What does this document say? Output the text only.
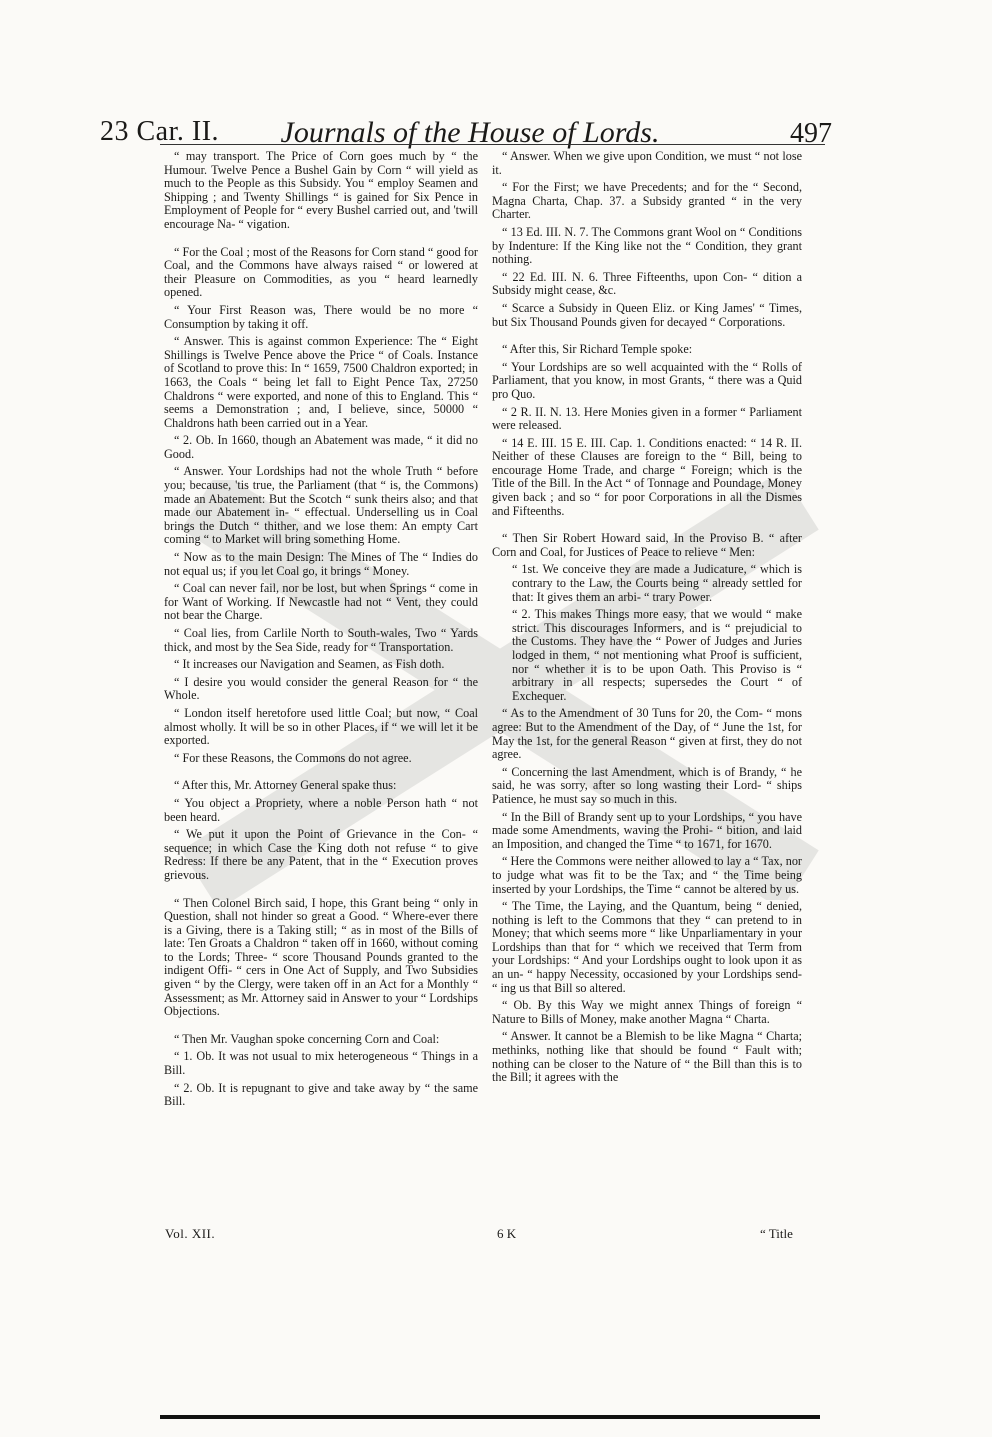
23 Car. II.	Journals of the House of Lords.	497

“ may transport. The Price of Corn goes much by “ the Humour. Twelve Pence a Bushel Gain by Corn “ will yield as much to the People as this Subsidy. You “ employ Seamen and Shipping ; and Twenty Shillings “ is gained for Six Pence in Employment of People for “ every Bushel carried out, and 'twill encourage Na- “ vigation.

“ For the Coal ; most of the Reasons for Corn stand “ good for Coal, and the Commons have always raised “ or lowered at their Pleasure on Commodities, as you “ heard learnedly opened.

“ Your First Reason was, There would be no more “ Consumption by taking it off.

“ Answer. This is against common Experience: The “ Eight Shillings is Twelve Pence above the Price “ of Coals. Instance of Scotland to prove this: In “ 1659, 7500 Chaldron exported; in 1663, the Coals “ being let fall to Eight Pence Tax, 27250 Chaldrons “ were exported, and none of this to England. This “ seems a Demonstration ; and, I believe, since, 50000 “ Chaldrons hath been carried out in a Year.

“ 2. Ob. In 1660, though an Abatement was made, “ it did no Good.

“ Answer. Your Lordships had not the whole Truth “ before you; because, 'tis true, the Parliament (that “ is, the Commons) made an Abatement: But the Scotch “ sunk theirs also; and that made our Abatement in- “ effectual. Underselling us in Coal brings the Dutch “ thither, and we lose them: An empty Cart coming “ to Market will bring something Home.

“ Now as to the main Design: The Mines of The “ Indies do not equal us; if you let Coal go, it brings “ Money.

“ Coal can never fail, nor be lost, but when Springs “ come in for Want of Working. If Newcastle had not “ Vent, they could not bear the Charge.

“ Coal lies, from Carlile North to South-wales, Two “ Yards thick, and most by the Sea Side, ready for “ Transportation.

“ It increases our Navigation and Seamen, as Fish doth.

“ I desire you would consider the general Reason for “ the Whole.

“ London itself heretofore used little Coal; but now, “ Coal almost wholly. It will be so in other Places, if “ we will let it be exported.

“ For these Reasons, the Commons do not agree.

“ After this, Mr. Attorney General spake thus:

“ You object a Propriety, where a noble Person hath “ not been heard.

“ We put it upon the Point of Grievance in the Con- “ sequence; in which Case the King doth not refuse “ to give Redress: If there be any Patent, that in the “ Execution proves grievous.

“ Then Colonel Birch said, I hope, this Grant being “ only in Question, shall not hinder so great a Good. “ Where-ever there is a Giving, there is a Taking still; “ as in most of the Bills of late: Ten Groats a Chaldron “ taken off in 1660, without coming to the Lords; Three- “ score Thousand Pounds granted to the indigent Offi- “ cers in One Act of Supply, and Two Subsidies given “ by the Clergy, were taken off in an Act for a Monthly “ Assessment; as Mr. Attorney said in Answer to your “ Lordships Objections.

“ Then Mr. Vaughan spoke concerning Corn and Coal:

“ 1. Ob. It was not usual to mix heterogeneous “ Things in a Bill.

“ 2. Ob. It is repugnant to give and take away by “ the same Bill.

“ Answer. When we give upon Condition, we must “ not lose it.

“ For the First; we have Precedents; and for the “ Second, Magna Charta, Chap. 37. a Subsidy granted “ in the very Charter.

“ 13 Ed. III. N. 7. The Commons grant Wool on “ Conditions by Indenture: If the King like not the “ Condition, they grant nothing.

“ 22 Ed. III. N. 6. Three Fifteenths, upon Con- “ dition a Subsidy might cease, &c.

“ Scarce a Subsidy in Queen Eliz. or King James' “ Times, but Six Thousand Pounds given for decayed “ Corporations.

“ After this, Sir Richard Temple spoke:

“ Your Lordships are so well acquainted with the “ Rolls of Parliament, that you know, in most Grants, “ there was a Quid pro Quo.

“ 2 R. II. N. 13. Here Monies given in a former “ Parliament were released.

“ 14 E. III. 15 E. III. Cap. 1. Conditions enacted: “ 14 R. II. Neither of these Clauses are foreign to the “ Bill, being to encourage Home Trade, and charge “ Foreign; which is the Title of the Bill. In the Act “ of Tonnage and Poundage, Money given back ; and so “ for poor Corporations in all the Dismes and Fifteenths.

“ Then Sir Robert Howard said, In the Proviso B. “ after Corn and Coal, for Justices of Peace to relieve “ Men:

“ 1st. We conceive they are made a Judicature, “ which is contrary to the Law, the Courts being “ already settled for that: It gives them an arbi- “ trary Power.

“ 2. This makes Things more easy, that we would “ make strict. This discourages Informers, and is “ prejudicial to the Customs. They have the “ Power of Judges and Juries lodged in them, “ not mentioning what Proof is sufficient, nor “ whether it is to be upon Oath. This Proviso is “ arbitrary in all respects; supersedes the Court “ of Exchequer.

“ As to the Amendment of 30 Tuns for 20, the Com- “ mons agree: But to the Amendment of the Day, of “ June the 1st, for May the 1st, for the general Reason “ given at first, they do not agree.

“ Concerning the last Amendment, which is of Brandy, “ he said, he was sorry, after so long wasting their Lord- “ ships Patience, he must say so much in this.

“ In the Bill of Brandy sent up to your Lordships, “ you have made some Amendments, waving the Prohi- “ bition, and laid an Imposition, and changed the Time “ to 1671, for 1670.

“ Here the Commons were neither allowed to lay a “ Tax, nor to judge what was fit to be the Tax; and “ the Time being inserted by your Lordships, the Time “ cannot be altered by us.

“ The Time, the Laying, and the Quantum, being “ denied, nothing is left to the Commons that they “ can pretend to in Money; that which seems more “ like Unparliamentary in your Lordships than that for “ which we received that Term from your Lordships: “ And your Lordships ought to look upon it as an un- “ happy Necessity, occasioned by your Lordships send- “ ing us that Bill so altered.

“ Ob. By this Way we might annex Things of foreign “ Nature to Bills of Money, make another Magna “ Charta.

“ Answer. It cannot be a Blemish to be like Magna “ Charta; methinks, nothing like that should be found “ Fault with; nothing can be closer to the Nature of “ the Bill than this is to the Bill; it agrees with the

Vol. XII.	6 K	“ Title
